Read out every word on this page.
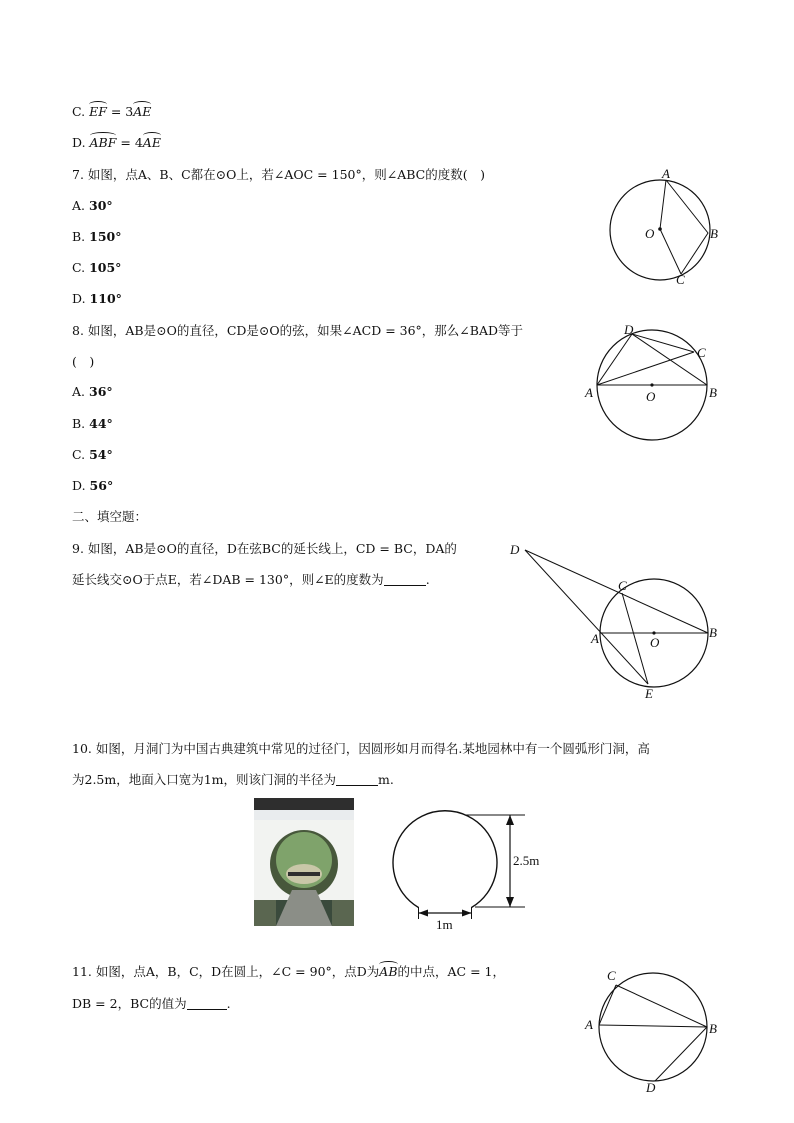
C. EF = 3AE
D. ABF = 4AE
7. 如图，点A、B、C都在⊙O上，若∠AOC = 150°，则∠ABC的度数(　)
A. 30°
B. 150°
C. 105°
D. 110°
A
O	B
C
8. 如图，AB是⊙O的直径，CD是⊙O的弦，如果∠ACD = 36°，那么∠BAD等于
(　)
A. 36°
B. 44°
C. 54°
D. 56°
D
C
A	O	B
二、填空题：
9. 如图，AB是⊙O的直径，D在弦BC的延长线上，CD = BC，DA的
延长线交⊙O于点E，若∠DAB = 130°，则∠E的度数为	.
D
C
A	O
B
E
10. 如图，月洞门为中国古典建筑中常见的过径门，因圆形如月而得名.某地园林中有一个圆弧形门洞，高
为2.5m，地面入口宽为1m，则该门洞的半径为	m.
2.5m
1m
11. 如图，点A，B，C，D在圆上，∠C = 90°，点D为AB的中点，AC = 1，
DB = 2，BC的值为	.
C
A	B
D
